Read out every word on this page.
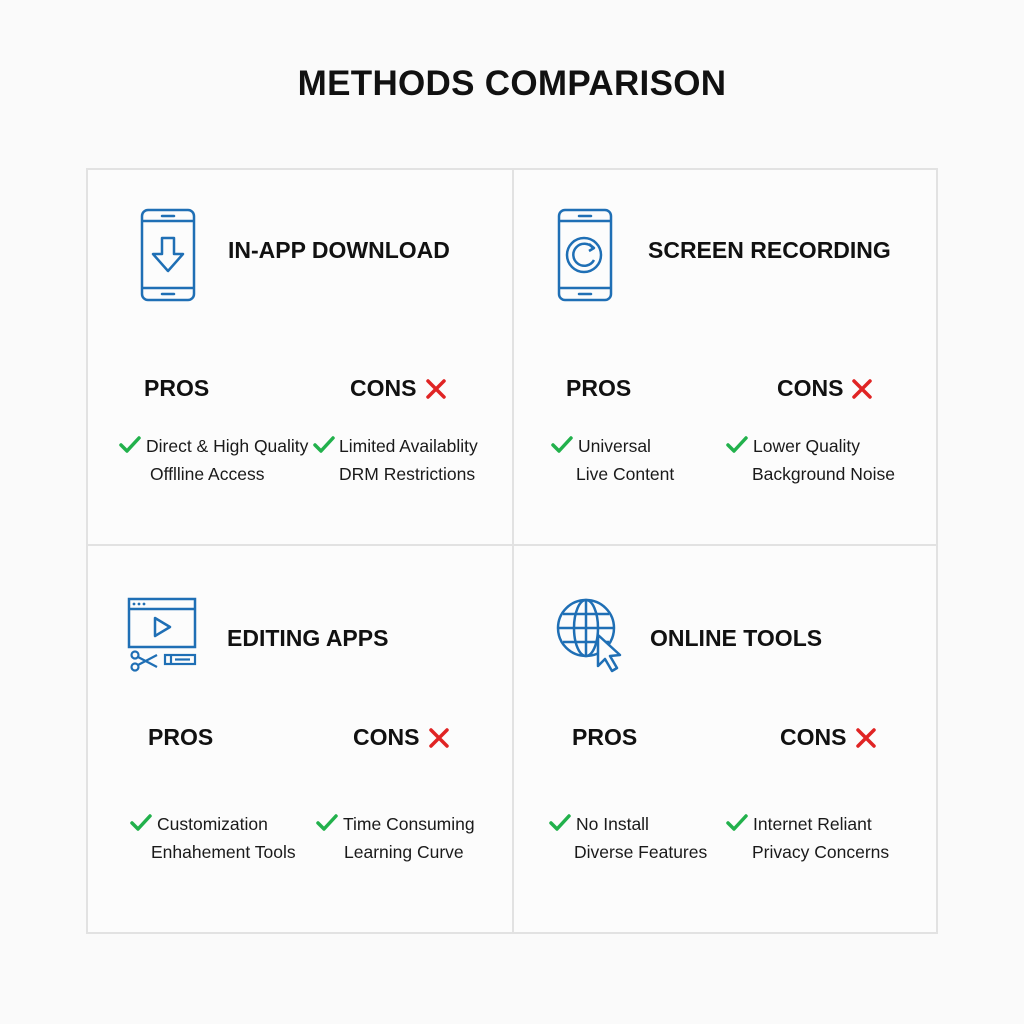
METHODS COMPARISON
IN-APP DOWNLOAD
PROS	CONS
Direct & High Quality
Offlline Access
Limited Availablity
DRM Restrictions
SCREEN RECORDING
PROS	CONS
Universal
Live Content
Lower Quality
Background Noise
EDITING APPS
PROS	CONS
Customization
Enhahement Tools
Time Consuming
Learning Curve
ONLINE TOOLS
PROS	CONS
No Install
Diverse Features
Internet Reliant
Privacy Concerns
